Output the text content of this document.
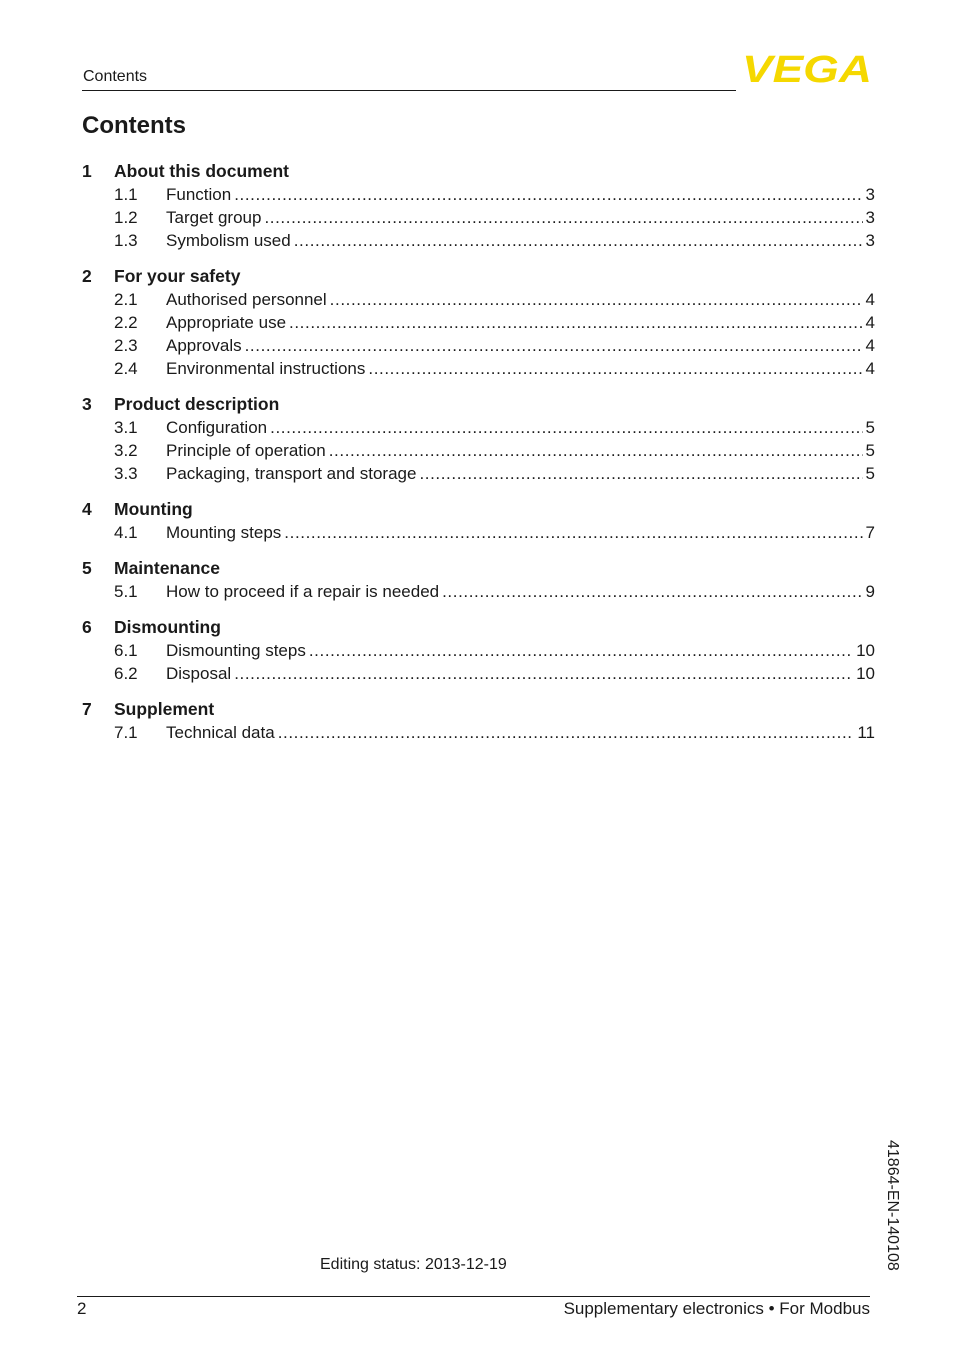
Contents	VEGA
Contents
1	About this document
1.1	Function .....	3
1.2	Target group .....	3
1.3	Symbolism used .....	3
2	For your safety
2.1	Authorised personnel .....	4
2.2	Appropriate use .....	4
2.3	Approvals .....	4
2.4	Environmental instructions .....	4
3	Product description
3.1	Configuration .....	5
3.2	Principle of operation .....	5
3.3	Packaging, transport and storage .....	5
4	Mounting
4.1	Mounting steps .....	7
5	Maintenance
5.1	How to proceed if a repair is needed .....	9
6	Dismounting
6.1	Dismounting steps .....	10
6.2	Disposal .....	10
7	Supplement
7.1	Technical data .....	11
41864-EN-140108
Editing status: 2013-12-19
2	Supplementary electronics • For Modbus
